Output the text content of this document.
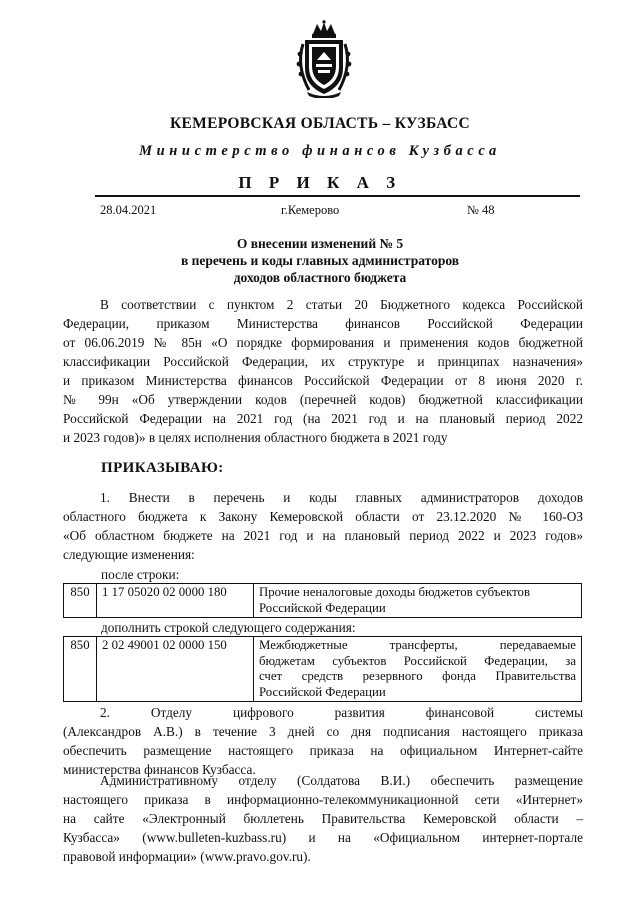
КЕМЕРОВСКАЯ ОБЛАСТЬ – КУЗБАСС
Министерство финансов Кузбасса
П Р И К А З
28.04.2021	г.Кемерово	№ 48
О внесении изменений № 5
в перечень и коды главных администраторов
доходов областного бюджета
В соответствии с пунктом 2 статьи 20 Бюджетного кодекса Российской
Федерации, приказом Министерства финансов Российской Федерации
от 06.06.2019 № 85н «О порядке формирования и применения кодов бюджетной
классификации Российской Федерации, их структуре и принципах назначения»
и приказом Министерства финансов Российской Федерации от 8 июня 2020 г.
№ 99н «Об утверждении кодов (перечней кодов) бюджетной классификации
Российской Федерации на 2021 год (на 2021 год и на плановый период 2022
и 2023 годов)» в целях исполнения областного бюджета в 2021 году
ПРИКАЗЫВАЮ:
1. Внести в перечень и коды главных администраторов доходов
областного бюджета к Закону Кемеровской области от 23.12.2020 № 160-ОЗ
«Об областном бюджете на 2021 год и на плановый период 2022 и 2023 годов»
следующие изменения:
после строки:
850	1 17 05020 02 0000 180	Прочие неналоговые доходы бюджетов субъектов
Российской Федерации
дополнить строкой следующего содержания:
850	2 02 49001 02 0000 150	Межбюджетные трансферты, передаваемые
бюджетам субъектов Российской Федерации, за
счет средств резервного фонда Правительства
Российской Федерации
2. Отделу цифрового развития финансовой системы
(Александров А.В.) в течение 3 дней со дня подписания настоящего приказа
обеспечить размещение настоящего приказа на официальном Интернет-сайте
министерства финансов Кузбасса.
Административному отделу (Солдатова В.И.) обеспечить размещение
настоящего приказа в информационно-телекоммуникационной сети «Интернет»
на сайте «Электронный бюллетень Правительства Кемеровской области –
Кузбасса» (www.bulleten-kuzbass.ru) и на «Официальном интернет-портале
правовой информации» (www.pravo.gov.ru).
